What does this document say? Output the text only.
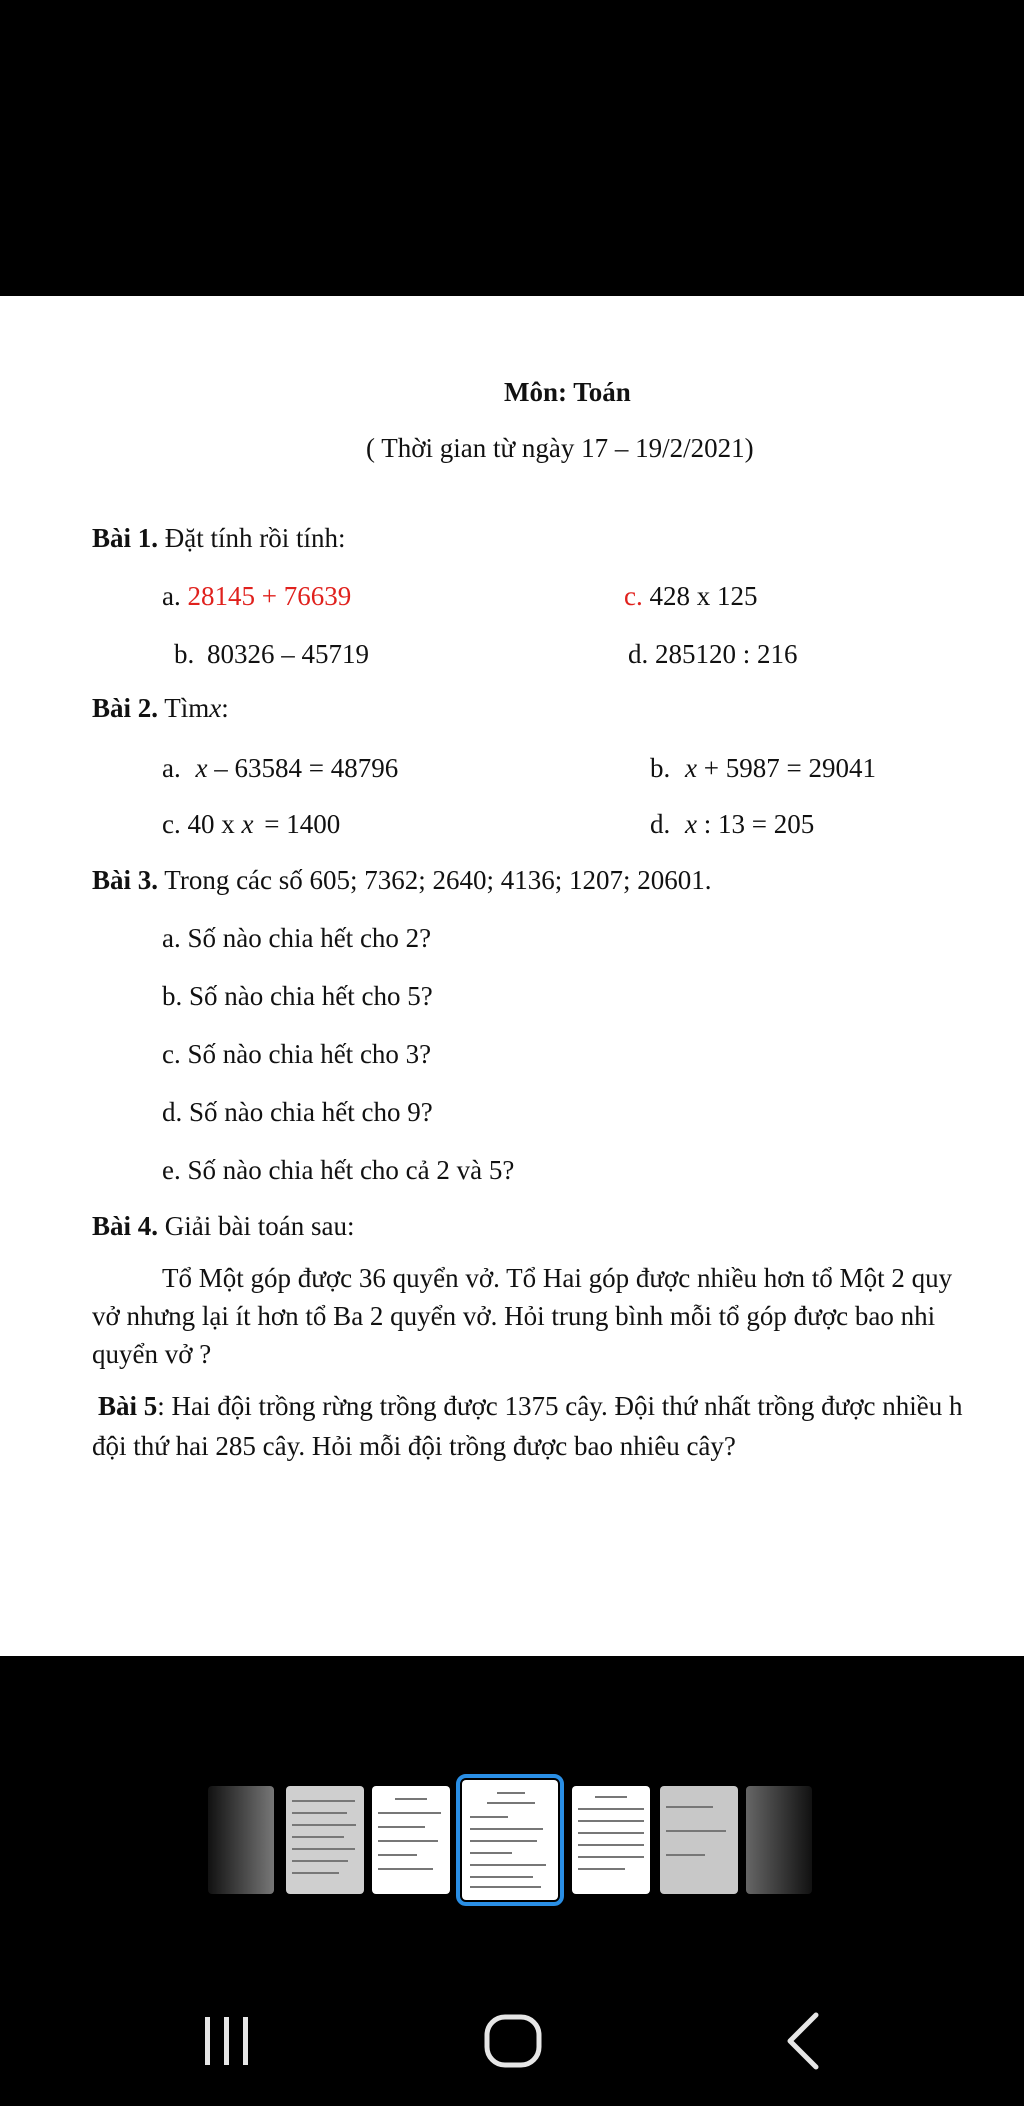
Môn: Toán
( Thời gian từ ngày 17 – 19/2/2021)
Bài 1. Đặt tính rồi tính:
a. 28145 + 76639	c. 428 x 125
b. 80326 – 45719	d. 285120 : 216
Bài 2. Tìmx:
a. x – 63584 = 48796	b. x + 5987 = 29041
c. 40 x x = 1400	d. x : 13 = 205
Bài 3. Trong các số 605; 7362; 2640; 4136; 1207; 20601.
a. Số nào chia hết cho 2?
b. Số nào chia hết cho 5?
c. Số nào chia hết cho 3?
d. Số nào chia hết cho 9?
e. Số nào chia hết cho cả 2 và 5?
Bài 4. Giải bài toán sau:
Tổ Một góp được 36 quyển vở. Tổ Hai góp được nhiều hơn tổ Một 2 quy
vở nhưng lại ít hơn tổ Ba 2 quyển vở. Hỏi trung bình mỗi tổ góp được bao nhi
quyển vở ?
Bài 5: Hai đội trồng rừng trồng được 1375 cây. Đội thứ nhất trồng được nhiều h
đội thứ hai 285 cây. Hỏi mỗi đội trồng được bao nhiêu cây?
